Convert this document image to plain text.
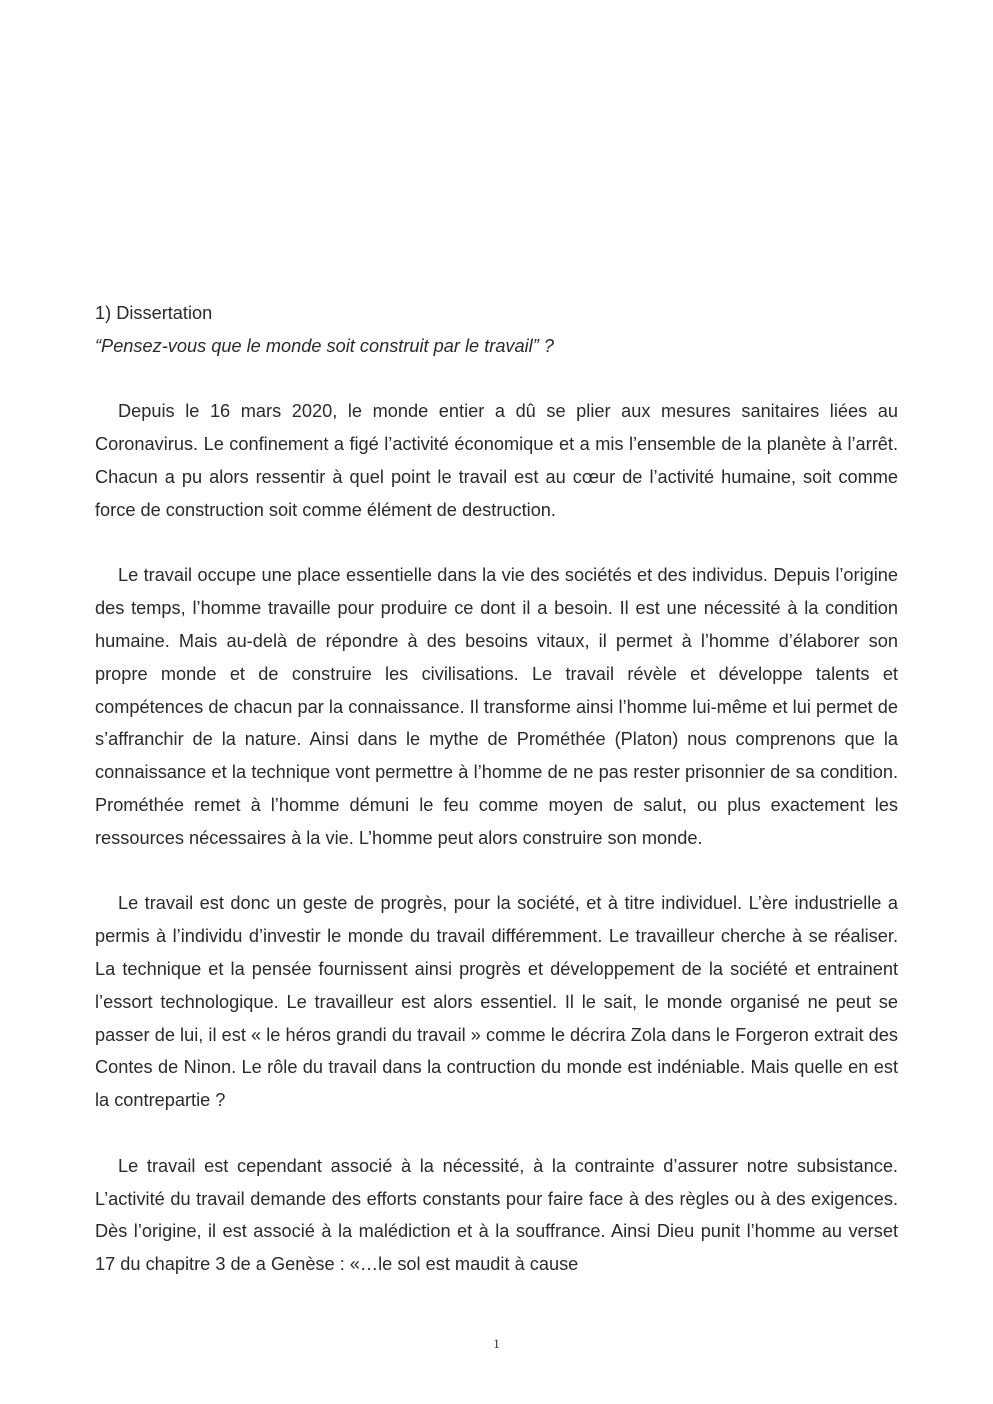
1) Dissertation

“Pensez-vous que le monde soit construit par le travail” ?

Depuis le 16 mars 2020, le monde entier a dû se plier aux mesures sanitaires liées au Coronavirus. Le confinement a figé l’activité économique et a mis l’ensemble de la planète à l’arrêt. Chacun a pu alors ressentir à quel point le travail est au cœur de l’activité humaine, soit comme force de construction soit comme élément de destruction.

Le travail occupe une place essentielle dans la vie des sociétés et des individus. Depuis l’origine des temps, l’homme travaille pour produire ce dont il a besoin. Il est une nécessité à la condition humaine. Mais au-delà de répondre à des besoins vitaux, il permet à l’homme d’élaborer son propre monde et de construire les civilisations. Le travail révèle et développe talents et compétences de chacun par la connaissance. Il transforme ainsi l’homme lui-même et lui permet de s’affranchir de la nature. Ainsi dans le mythe de Prométhée (Platon) nous comprenons que la connaissance et la technique vont permettre à l’homme de ne pas rester prisonnier de sa condition. Prométhée remet à l’homme démuni le feu comme moyen de salut, ou plus exactement les ressources nécessaires à la vie. L’homme peut alors construire son monde.

Le travail est donc un geste de progrès, pour la société, et à titre individuel. L’ère industrielle a permis à l’individu d’investir le monde du travail différemment. Le travailleur cherche à se réaliser. La technique et la pensée fournissent ainsi progrès et développement de la société et entrainent l’essort technologique. Le travailleur est alors essentiel. Il le sait, le monde organisé ne peut se passer de lui, il est « le héros grandi du travail » comme le décrira Zola dans le Forgeron extrait des Contes de Ninon. Le rôle du travail dans la contruction du monde est indéniable. Mais quelle en est la contrepartie ?

Le travail est cependant associé à la nécessité, à la contrainte d’assurer notre subsistance. L’activité du travail demande des efforts constants pour faire face à des règles ou à des exigences. Dès l’origine, il est associé à la malédiction et à la souffrance. Ainsi Dieu punit l’homme au verset 17 du chapitre 3 de a Genèse : «…le sol est maudit à cause

1
